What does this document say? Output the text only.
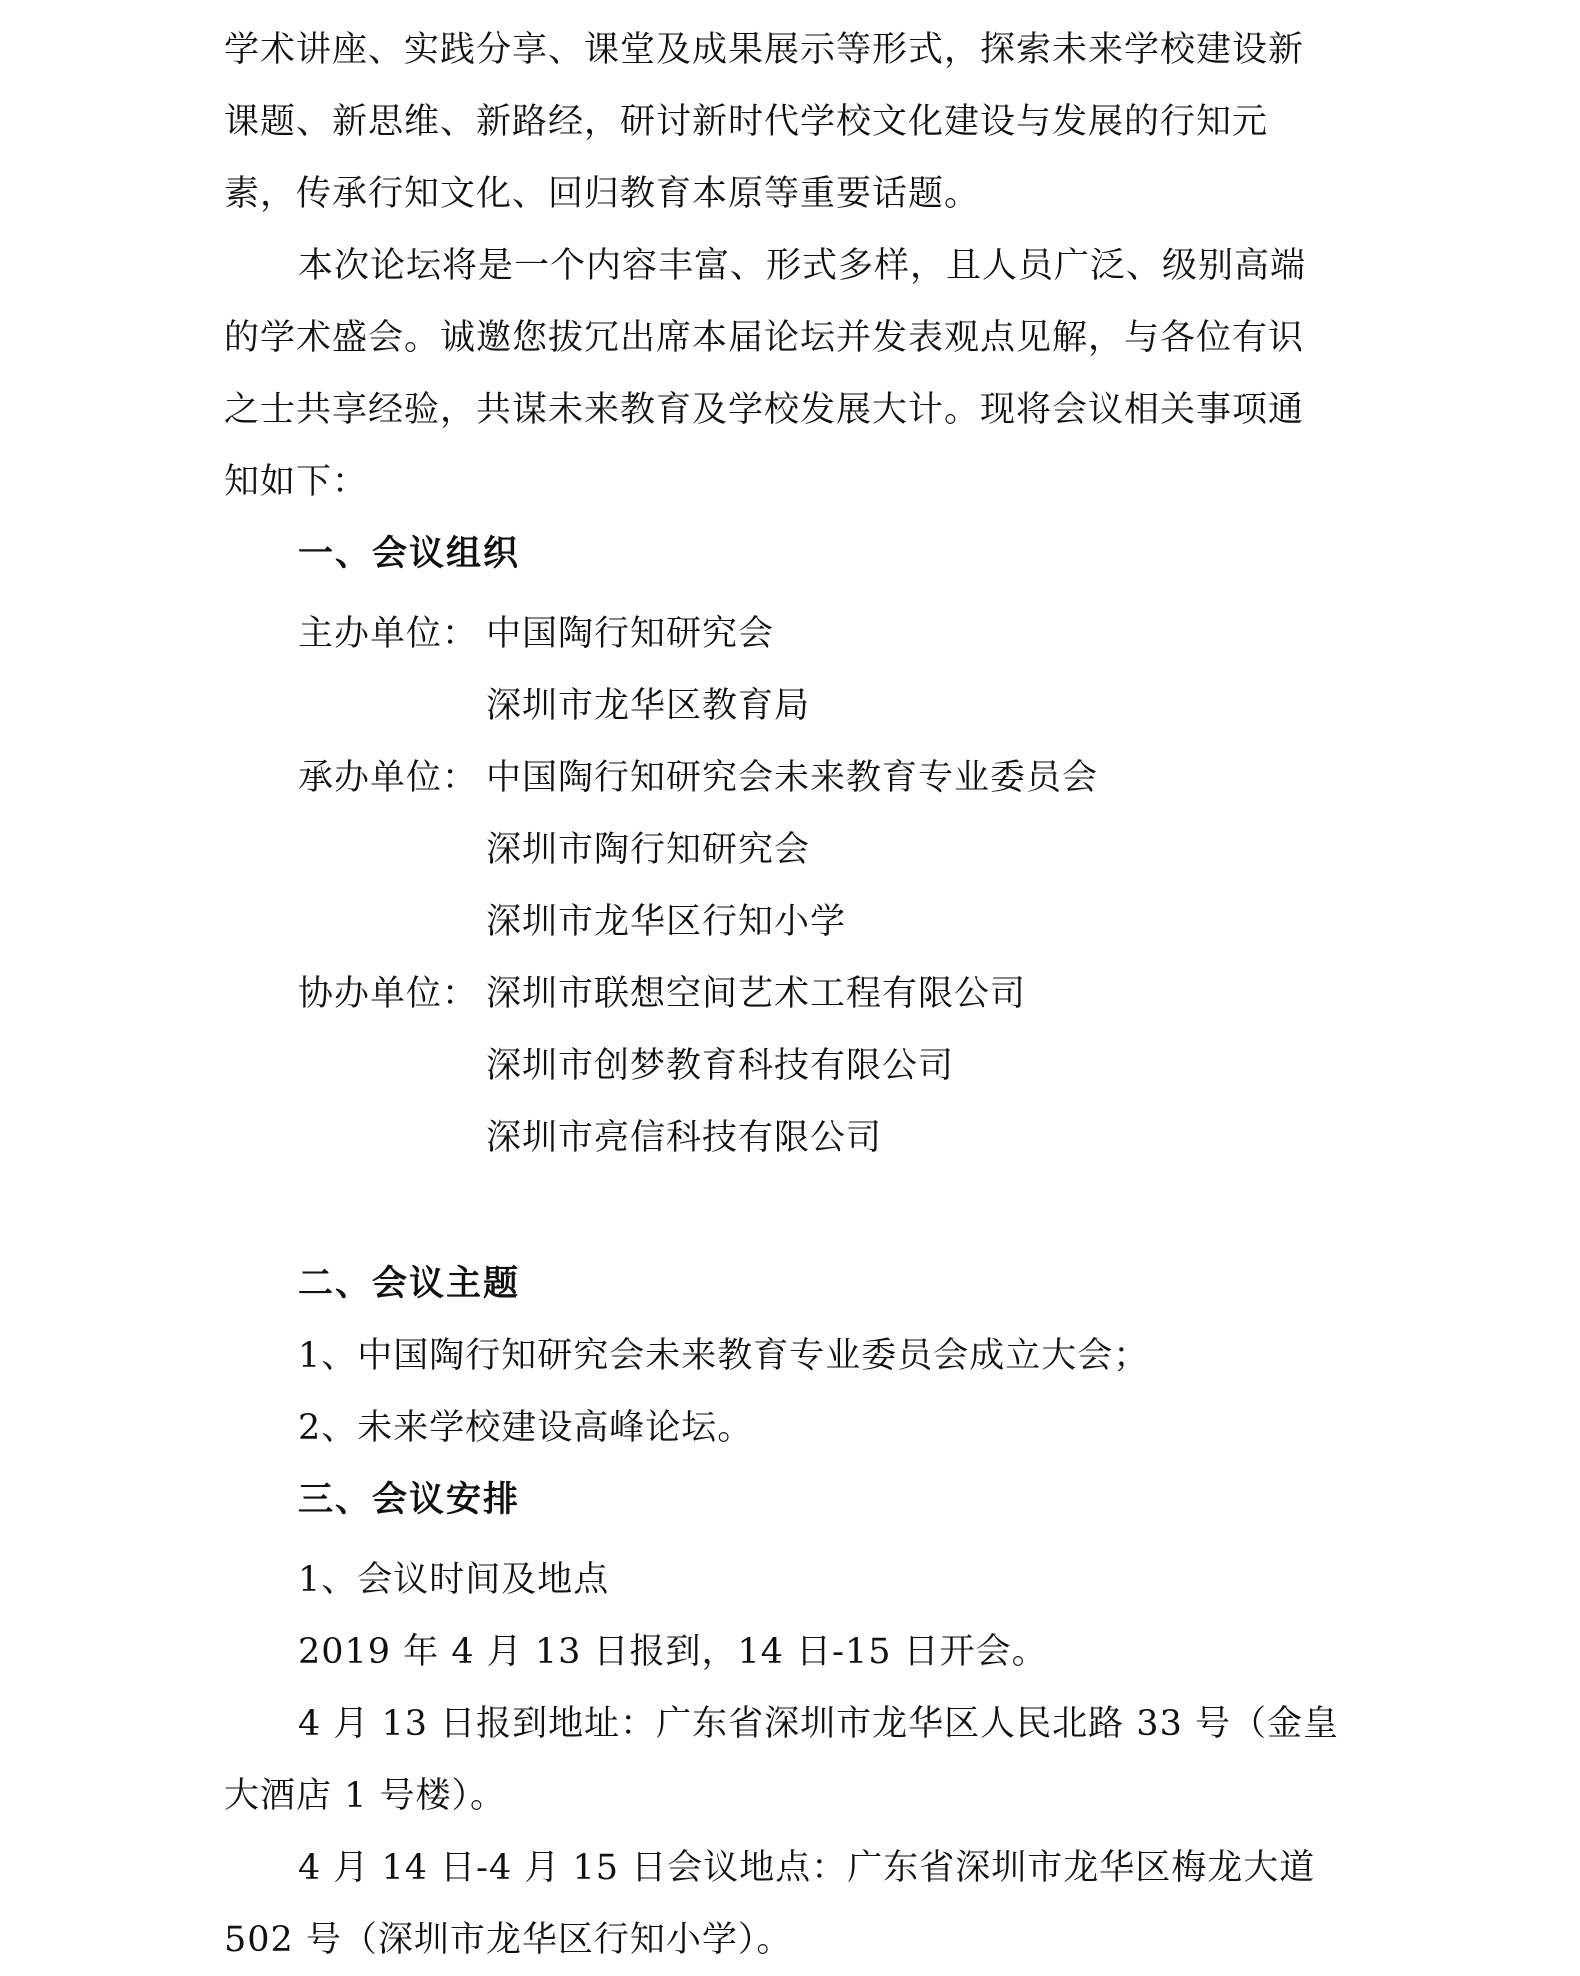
学术讲座、实践分享、课堂及成果展示等形式，探索未来学校建设新
课题、新思维、新路经，研讨新时代学校文化建设与发展的行知元
素，传承行知文化、回归教育本原等重要话题。
本次论坛将是一个内容丰富、形式多样，且人员广泛、级别高端
的学术盛会。诚邀您拔冗出席本届论坛并发表观点见解，与各位有识
之士共享经验，共谋未来教育及学校发展大计。现将会议相关事项通
知如下：
一、会议组织
主办单位： 中国陶行知研究会
深圳市龙华区教育局
承办单位： 中国陶行知研究会未来教育专业委员会
深圳市陶行知研究会
深圳市龙华区行知小学
协办单位： 深圳市联想空间艺术工程有限公司
深圳市创梦教育科技有限公司
深圳市亮信科技有限公司
二、会议主题
1、中国陶行知研究会未来教育专业委员会成立大会；
2、未来学校建设高峰论坛。
三、会议安排
1、会议时间及地点
2019 年 4 月 13 日报到，14 日-15 日开会。
4 月 13 日报到地址：广东省深圳市龙华区人民北路 33 号（金皇
大酒店 1 号楼）。
4 月 14 日-4 月 15 日会议地点：广东省深圳市龙华区梅龙大道
502 号（深圳市龙华区行知小学）。
